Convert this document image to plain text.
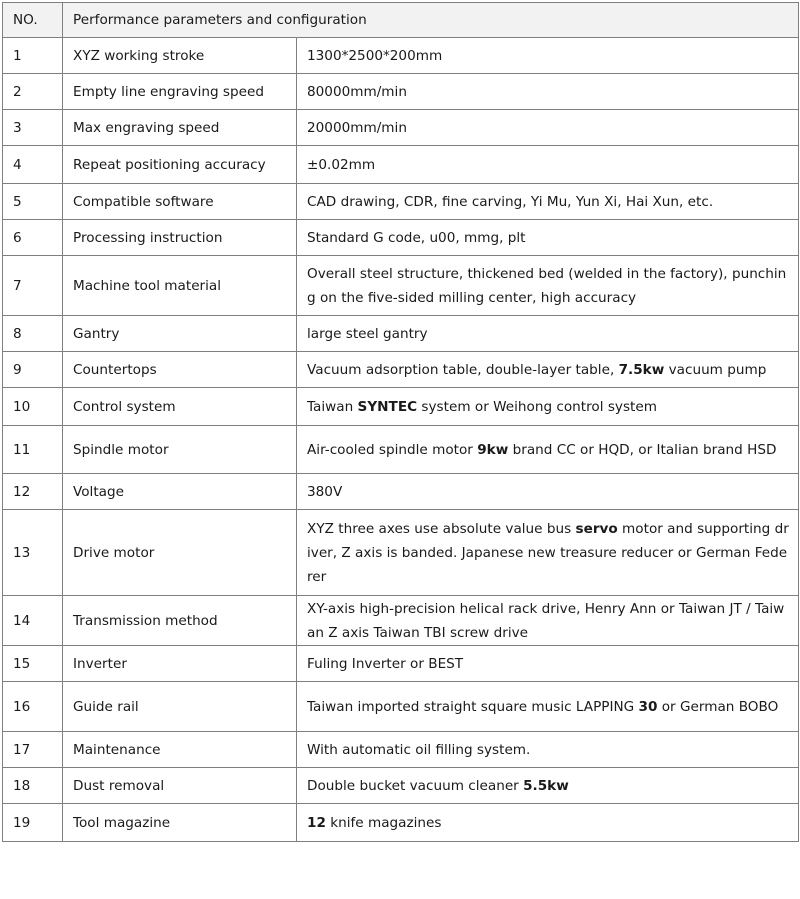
NO.	Performance parameters and configuration	
1	XYZ working stroke	1300*2500*200mm
2	Empty line engraving speed	80000mm/min
3	Max engraving speed	20000mm/min
4	Repeat positioning accuracy	±0.02mm
5	Compatible software	CAD drawing, CDR, fine carving, Yi Mu, Yun Xi, Hai Xun, etc.
6	Processing instruction	Standard G code, u00, mmg, plt
7	Machine tool material	Overall steel structure, thickened bed (welded in the factory), punching on the five-sided milling center, high accuracy
8	Gantry	large steel gantry
9	Countertops	Vacuum adsorption table, double-layer table, 7.5kw vacuum pump
10	Control system	Taiwan SYNTEC system or Weihong control system
11	Spindle motor	Air-cooled spindle motor 9kw brand CC or HQD, or Italian brand HSD
12	Voltage	380V
13	Drive motor	XYZ three axes use absolute value bus servo motor and supporting driver, Z axis is banded. Japanese new treasure reducer or German Federer
14	Transmission method	XY-axis high-precision helical rack drive, Henry Ann or Taiwan JT / Taiwan Z axis Taiwan TBI screw drive
15	Inverter	Fuling Inverter or BEST
16	Guide rail	Taiwan imported straight square music LAPPING 30 or German BOBO
17	Maintenance	With automatic oil filling system.
18	Dust removal	Double bucket vacuum cleaner 5.5kw
19	Tool magazine	12 knife magazines
